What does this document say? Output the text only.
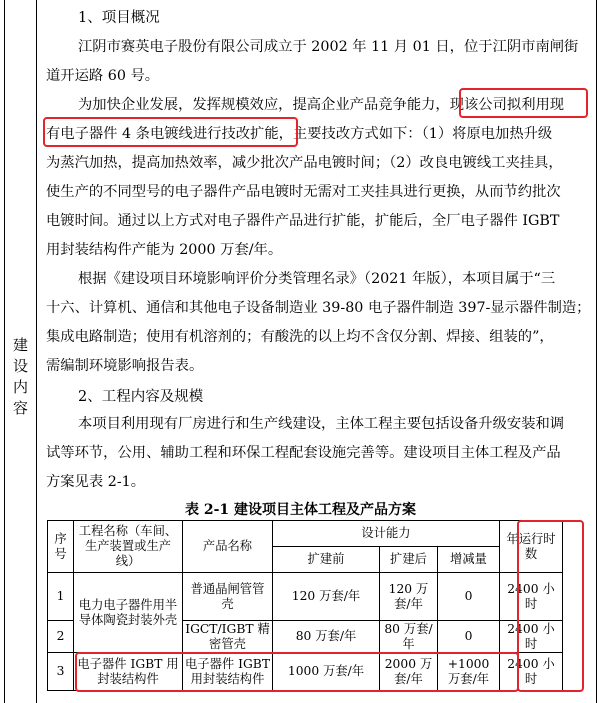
建
设
内
容
1、项目概况
江阴市赛英电子股份有限公司成立于 2002 年 11 月 01 日，位于江阴市南闸街
道开运路 60 号。
为加快企业发展，发挥规模效应，提高企业产品竞争能力，现该公司拟利用现
有电子器件 4 条电镀线进行技改扩能，主要技改方式如下：（1）将原电加热升级
为蒸汽加热，提高加热效率，减少批次产品电镀时间；（2）改良电镀线工夹挂具，
使生产的不同型号的电子器件产品电镀时无需对工夹挂具进行更换，从而节约批次
电镀时间。通过以上方式对电子器件产品进行扩能，扩能后，全厂电子器件 IGBT
用封装结构件产能为 2000 万套/年。
根据《建设项目环境影响评价分类管理名录》（2021 年版），本项目属于“三
十六、计算机、通信和其他电子设备制造业 39-80 电子器件制造 397-显示器件制造；
集成电路制造；使用有机溶剂的；有酸洗的以上均不含仅分割、焊接、组装的”，
需编制环境影响报告表。
2、工程内容及规模
本项目利用现有厂房进行和生产线建设，主体工程主要包括设备升级安装和调
试等环节，公用、辅助工程和环保工程配套设施完善等。建设项目主体工程及产品
方案见表 2-1。
表 2-1 建设项目主体工程及产品方案
序号	工程名称（车间、生产装置或生产线）	产品名称	设计能力			年运行时数
			扩建前	扩建后	增减量	
1	电力电子器件用半导体陶瓷封装外壳	普通晶闸管管壳	120 万套/年	120 万套/年	0	2400 小时
2		IGCT/IGBT 精密管壳	80 万套/年	80 万套/年	0	2400 小时
3	电子器件 IGBT 用封装结构件	电子器件 IGBT 用封装结构件	1000 万套/年	2000 万套/年	+1000 万套/年	2400 小时
